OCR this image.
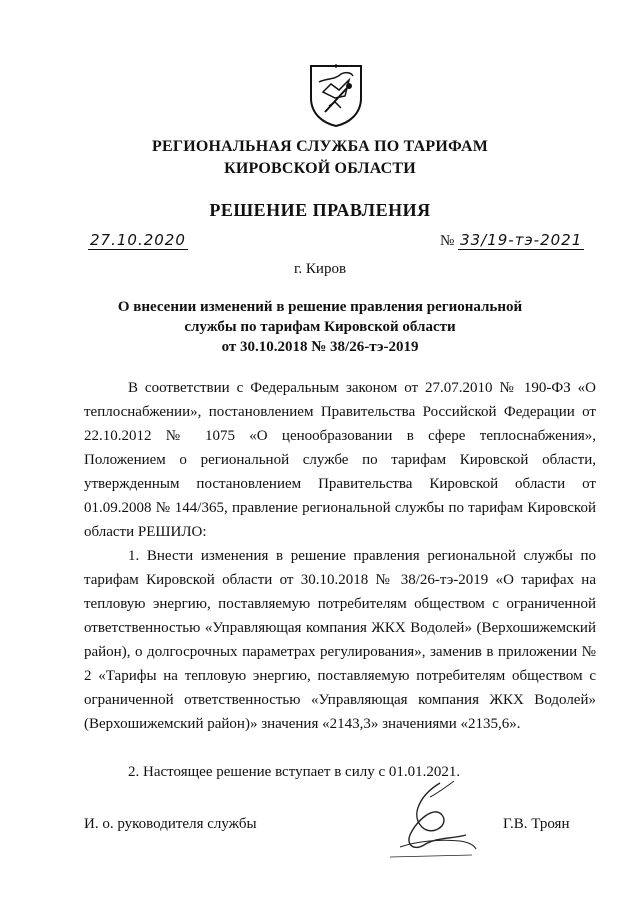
РЕГИОНАЛЬНАЯ СЛУЖБА ПО ТАРИФАМ
КИРОВСКОЙ ОБЛАСТИ
РЕШЕНИЕ ПРАВЛЕНИЯ
27.10.2020	№ 33/19-тэ-2021
г. Киров
О внесении изменений в решение правления региональной
службы по тарифам Кировской области
от 30.10.2018 № 38/26-тэ-2019

В соответствии с Федеральным законом от 27.07.2010 № 190-ФЗ «О теплоснабжении», постановлением Правительства Российской Федерации от 22.10.2012 № 1075 «О ценообразовании в сфере теплоснабжения», Положением о региональной службе по тарифам Кировской области, утвержденным постановлением Правительства Кировской области от 01.09.2008 № 144/365, правление региональной службы по тарифам Кировской области РЕШИЛО:

1. Внести изменения в решение правления региональной службы по тарифам Кировской области от 30.10.2018 № 38/26-тэ-2019 «О тарифах на тепловую энергию, поставляемую потребителям обществом с ограниченной ответственностью «Управляющая компания ЖКХ Водолей» (Верхошижемский район), о долгосрочных параметрах регулирования», заменив в приложении № 2 «Тарифы на тепловую энергию, поставляемую потребителям обществом с ограниченной ответственностью «Управляющая компания ЖКХ Водолей» (Верхошижемский район)» значения «2143,3» значениями «2135,6».

2. Настоящее решение вступает в силу с 01.01.2021.

И. о. руководителя службы	Г.В. Троян
